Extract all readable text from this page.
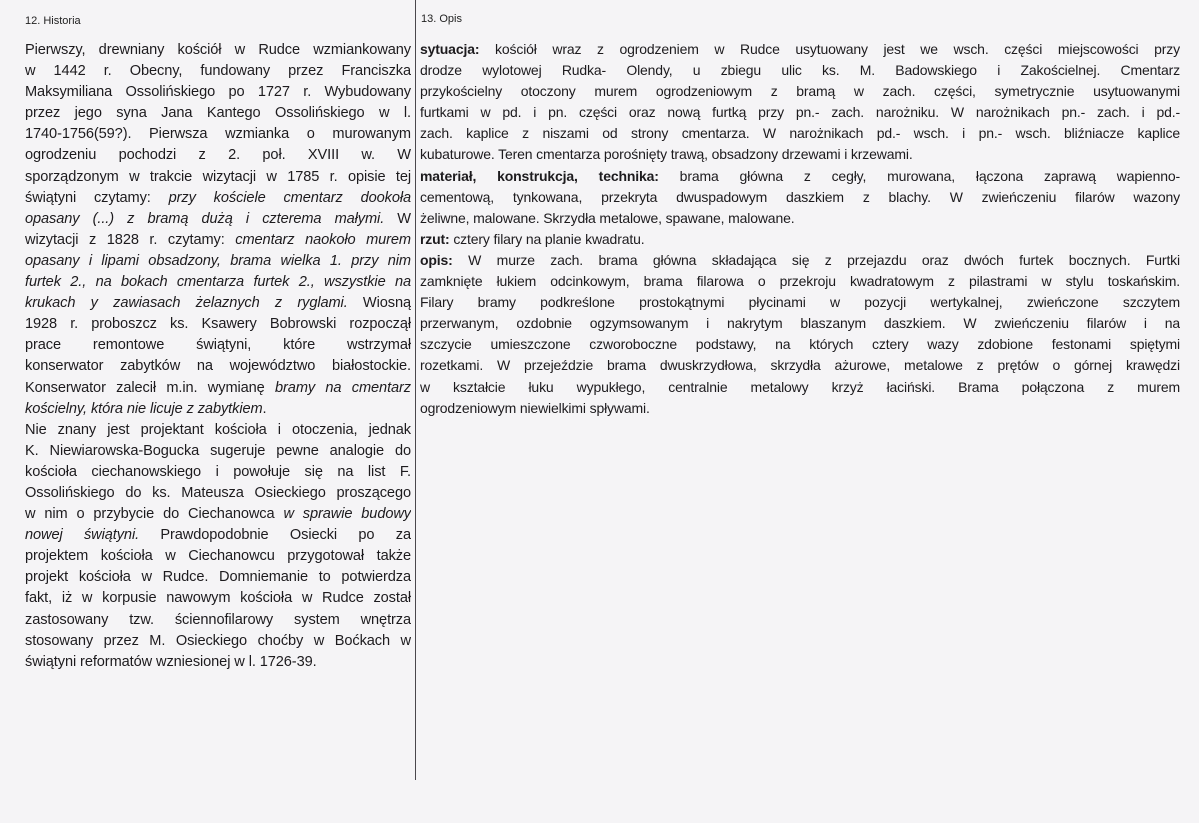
12. Historia	13. Opis
Pierwszy, drewniany kościół w Rudce wzmiankowany
w 1442 r. Obecny, fundowany przez Franciszka
Maksymiliana Ossolińskiego po 1727 r. Wybudowany
przez jego syna Jana Kantego Ossolińskiego w l.
1740-1756(59?). Pierwsza wzmianka o murowanym
ogrodzeniu pochodzi z 2. poł. XVIII w. W
sporządzonym w trakcie wizytacji w 1785 r. opisie tej
świątyni czytamy: przy kościele cmentarz dookoła
opasany (...) z bramą dużą i czterema małymi. W
wizytacji z 1828 r. czytamy: cmentarz naokoło murem
opasany i lipami obsadzony, brama wielka 1. przy nim
furtek 2., na bokach cmentarza furtek 2., wszystkie na
krukach y zawiasach żelaznych z ryglami. Wiosną
1928 r. proboszcz ks. Ksawery Bobrowski rozpoczął
prace remontowe świątyni, które wstrzymał
konserwator zabytków na województwo białostockie.
Konserwator zalecił m.in. wymianę bramy na cmentarz
kościelny, która nie licuje z zabytkiem.
Nie znany jest projektant kościoła i otoczenia, jednak
K. Niewiarowska-Bogucka sugeruje pewne analogie do
kościoła ciechanowskiego i powołuje się na list F.
Ossolińskiego do ks. Mateusza Osieckiego proszącego
w nim o przybycie do Ciechanowca w sprawie budowy
nowej świątyni. Prawdopodobnie Osiecki po za
projektem kościoła w Ciechanowcu przygotował także
projekt kościoła w Rudce. Domniemanie to potwierdza
fakt, iż w korpusie nawowym kościoła w Rudce został
zastosowany tzw. ściennofilarowy system wnętrza
stosowany przez M. Osieckiego choćby w Boćkach w
świątyni reformatów wzniesionej w l. 1726-39.
sytuacja: kościół wraz z ogrodzeniem w Rudce usytuowany jest we wsch. części miejscowości przy
drodze wylotowej Rudka- Olendy, u zbiegu ulic ks. M. Badowskiego i Zakościelnej. Cmentarz
przykościelny otoczony murem ogrodzeniowym z bramą w zach. części, symetrycznie usytuowanymi
furtkami w pd. i pn. części oraz nową furtką przy pn.- zach. narożniku. W narożnikach pn.- zach. i pd.-
zach. kaplice z niszami od strony cmentarza. W narożnikach pd.- wsch. i pn.- wsch. bliźniacze kaplice
kubaturowe. Teren cmentarza porośnięty trawą, obsadzony drzewami i krzewami.
materiał, konstrukcja, technika: brama główna z cegły, murowana, łączona zaprawą wapienno-
cementową, tynkowana, przekryta dwuspadowym daszkiem z blachy. W zwieńczeniu filarów wazony
żeliwne, malowane. Skrzydła metalowe, spawane, malowane.
rzut: cztery filary na planie kwadratu.
opis: W murze zach. brama główna składająca się z przejazdu oraz dwóch furtek bocznych. Furtki
zamknięte łukiem odcinkowym, brama filarowa o przekroju kwadratowym z pilastrami w stylu toskańskim.
Filary bramy podkreślone prostokątnymi płycinami w pozycji wertykalnej, zwieńczone szczytem
przerwanym, ozdobnie ogzymsowanym i nakrytym blaszanym daszkiem. W zwieńczeniu filarów i na
szczycie umieszczone czworoboczne podstawy, na których cztery wazy zdobione festonami spiętymi
rozetkami. W przejeździe brama dwuskrzydłowa, skrzydła ażurowe, metalowe z prętów o górnej krawędzi
w kształcie łuku wypukłego, centralnie metalowy krzyż łaciński. Brama połączona z murem
ogrodzeniowym niewielkimi spływami.
